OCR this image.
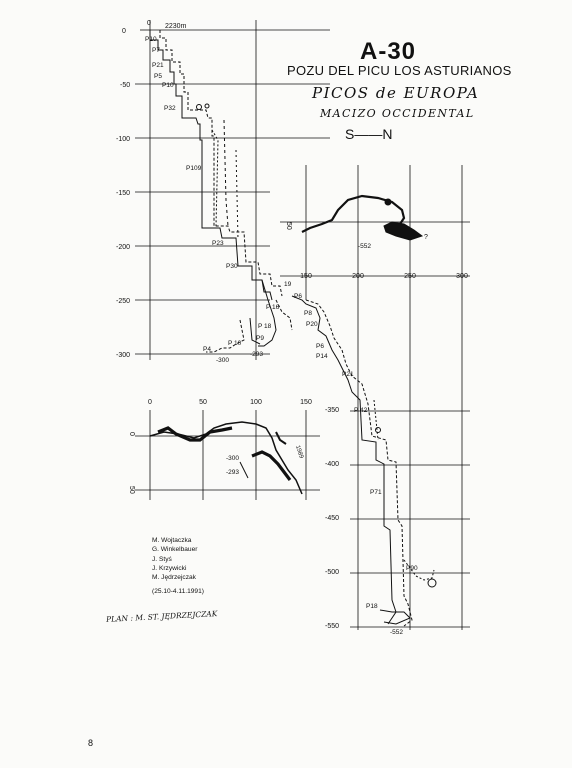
A-30
POZU DEL PICU LOS ASTURIANOS
PICOS de EUROPA
MACIZO OCCIDENTAL
S——N
0
-50
-100
-150
-200
-250
-300
-350
-400
-450
-500
-550
150	200	250	300
0	50	100	150
50
0
50
2230m
0
P10
P7
P21
P5
P10
P32
P109
P23
P30
P 16
P 18
P9
P 10
P4
P8
P20
P6
P14
P21
P 42
P71
P90
P18
19
P6
-552
-552
-300
-293
-300
-293
1989
?
M. Wojtaczka
G. Winkelbauer
J. Styś
J. Krzywicki
M. Jędrzejczak
(25.10-4.11.1991)
PLAN : M. ST. JĘDRZEJCZAK
8
